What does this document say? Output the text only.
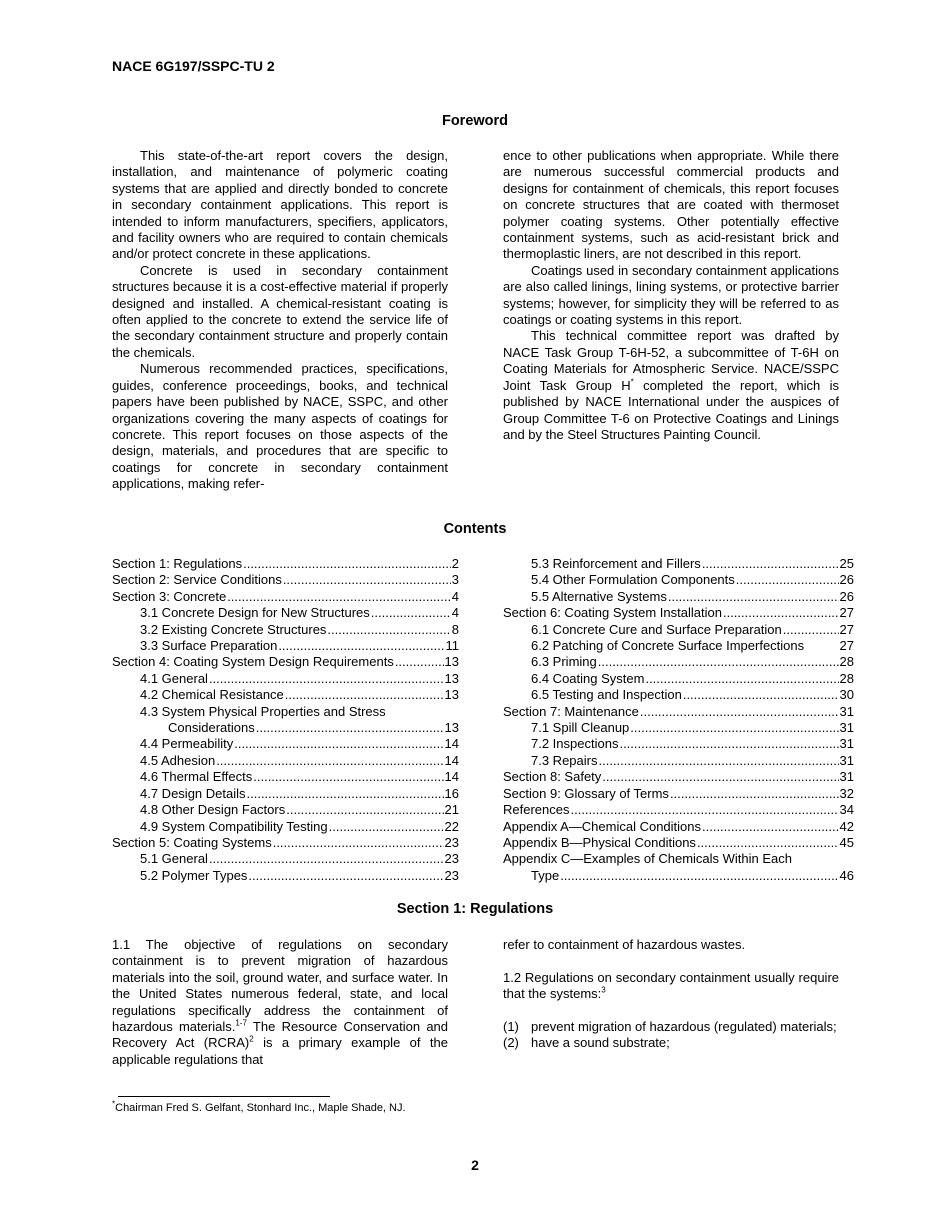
NACE 6G197/SSPC-TU 2
Foreword

This state-of-the-art report covers the design, installation, and maintenance of polymeric coating systems that are applied and directly bonded to concrete in secondary containment applications. This report is intended to inform manufacturers, specifiers, applicators, and facility owners who are required to contain chemicals and/or protect concrete in these applications.

Concrete is used in secondary containment structures because it is a cost-effective material if properly designed and installed. A chemical-resistant coating is often applied to the concrete to extend the service life of the secondary containment structure and properly contain the chemicals.

Numerous recommended practices, specifications, guides, conference proceedings, books, and technical papers have been published by NACE, SSPC, and other organizations covering the many aspects of coatings for concrete. This report focuses on those aspects of the design, materials, and procedures that are specific to coatings for concrete in secondary containment applications, making refer-

ence to other publications when appropriate. While there are numerous successful commercial products and designs for containment of chemicals, this report focuses on concrete structures that are coated with thermoset polymer coating systems. Other potentially effective containment systems, such as acid-resistant brick and thermoplastic liners, are not described in this report.

Coatings used in secondary containment applications are also called linings, lining systems, or protective barrier systems; however, for simplicity they will be referred to as coatings or coating systems in this report.

This technical committee report was drafted by NACE Task Group T-6H-52, a subcommittee of T-6H on Coating Materials for Atmospheric Service. NACE/SSPC Joint Task Group H* completed the report, which is published by NACE International under the auspices of Group Committee T-6 on Protective Coatings and Linings and by the Steel Structures Painting Council.

Contents
Section 1: Regulations .....	2
Section 2: Service Conditions .....	3
Section 3: Concrete .....	4
3.1 Concrete Design for New Structures .....	4
3.2 Existing Concrete Structures .....	8
3.3 Surface Preparation .....	11
Section 4: Coating System Design Requirements .....	13
4.1 General .....	13
4.2 Chemical Resistance .....	13
4.3 System Physical Properties and Stress
Considerations .....	13
4.4 Permeability .....	14
4.5 Adhesion .....	14
4.6 Thermal Effects .....	14
4.7 Design Details .....	16
4.8 Other Design Factors .....	21
4.9 System Compatibility Testing .....	22
Section 5: Coating Systems .....	23
5.1 General .....	23
5.2 Polymer Types .....	23
5.3 Reinforcement and Fillers .....	25
5.4 Other Formulation Components .....	26
5.5 Alternative Systems .....	26
Section 6: Coating System Installation .....	27
6.1 Concrete Cure and Surface Preparation .....	27
6.2 Patching of Concrete Surface Imperfections	27
6.3 Priming .....	28
6.4 Coating System .....	28
6.5 Testing and Inspection .....	30
Section 7: Maintenance .....	31
7.1 Spill Cleanup .....	31
7.2 Inspections .....	31
7.3 Repairs .....	31
Section 8: Safety .....	31
Section 9: Glossary of Terms .....	32
References .....	34
Appendix A—Chemical Conditions .....	42
Appendix B—Physical Conditions .....	45
Appendix C—Examples of Chemicals Within Each
Type .....	46
Section 1: Regulations

1.1 The objective of regulations on secondary containment is to prevent migration of hazardous materials into the soil, ground water, and surface water. In the United States numerous federal, state, and local regulations specifically address the containment of hazardous materials.$^{1-7}$ The Resource Conservation and Recovery Act (RCRA)$^2$ is a primary example of the applicable regulations that

refer to containment of hazardous wastes.

1.2 Regulations on secondary containment usually require that the systems:$^3$

(1) prevent migration of hazardous (regulated) materials;
(2) have a sound substrate;
*Chairman Fred S. Gelfant, Stonhard Inc., Maple Shade, NJ.
2
